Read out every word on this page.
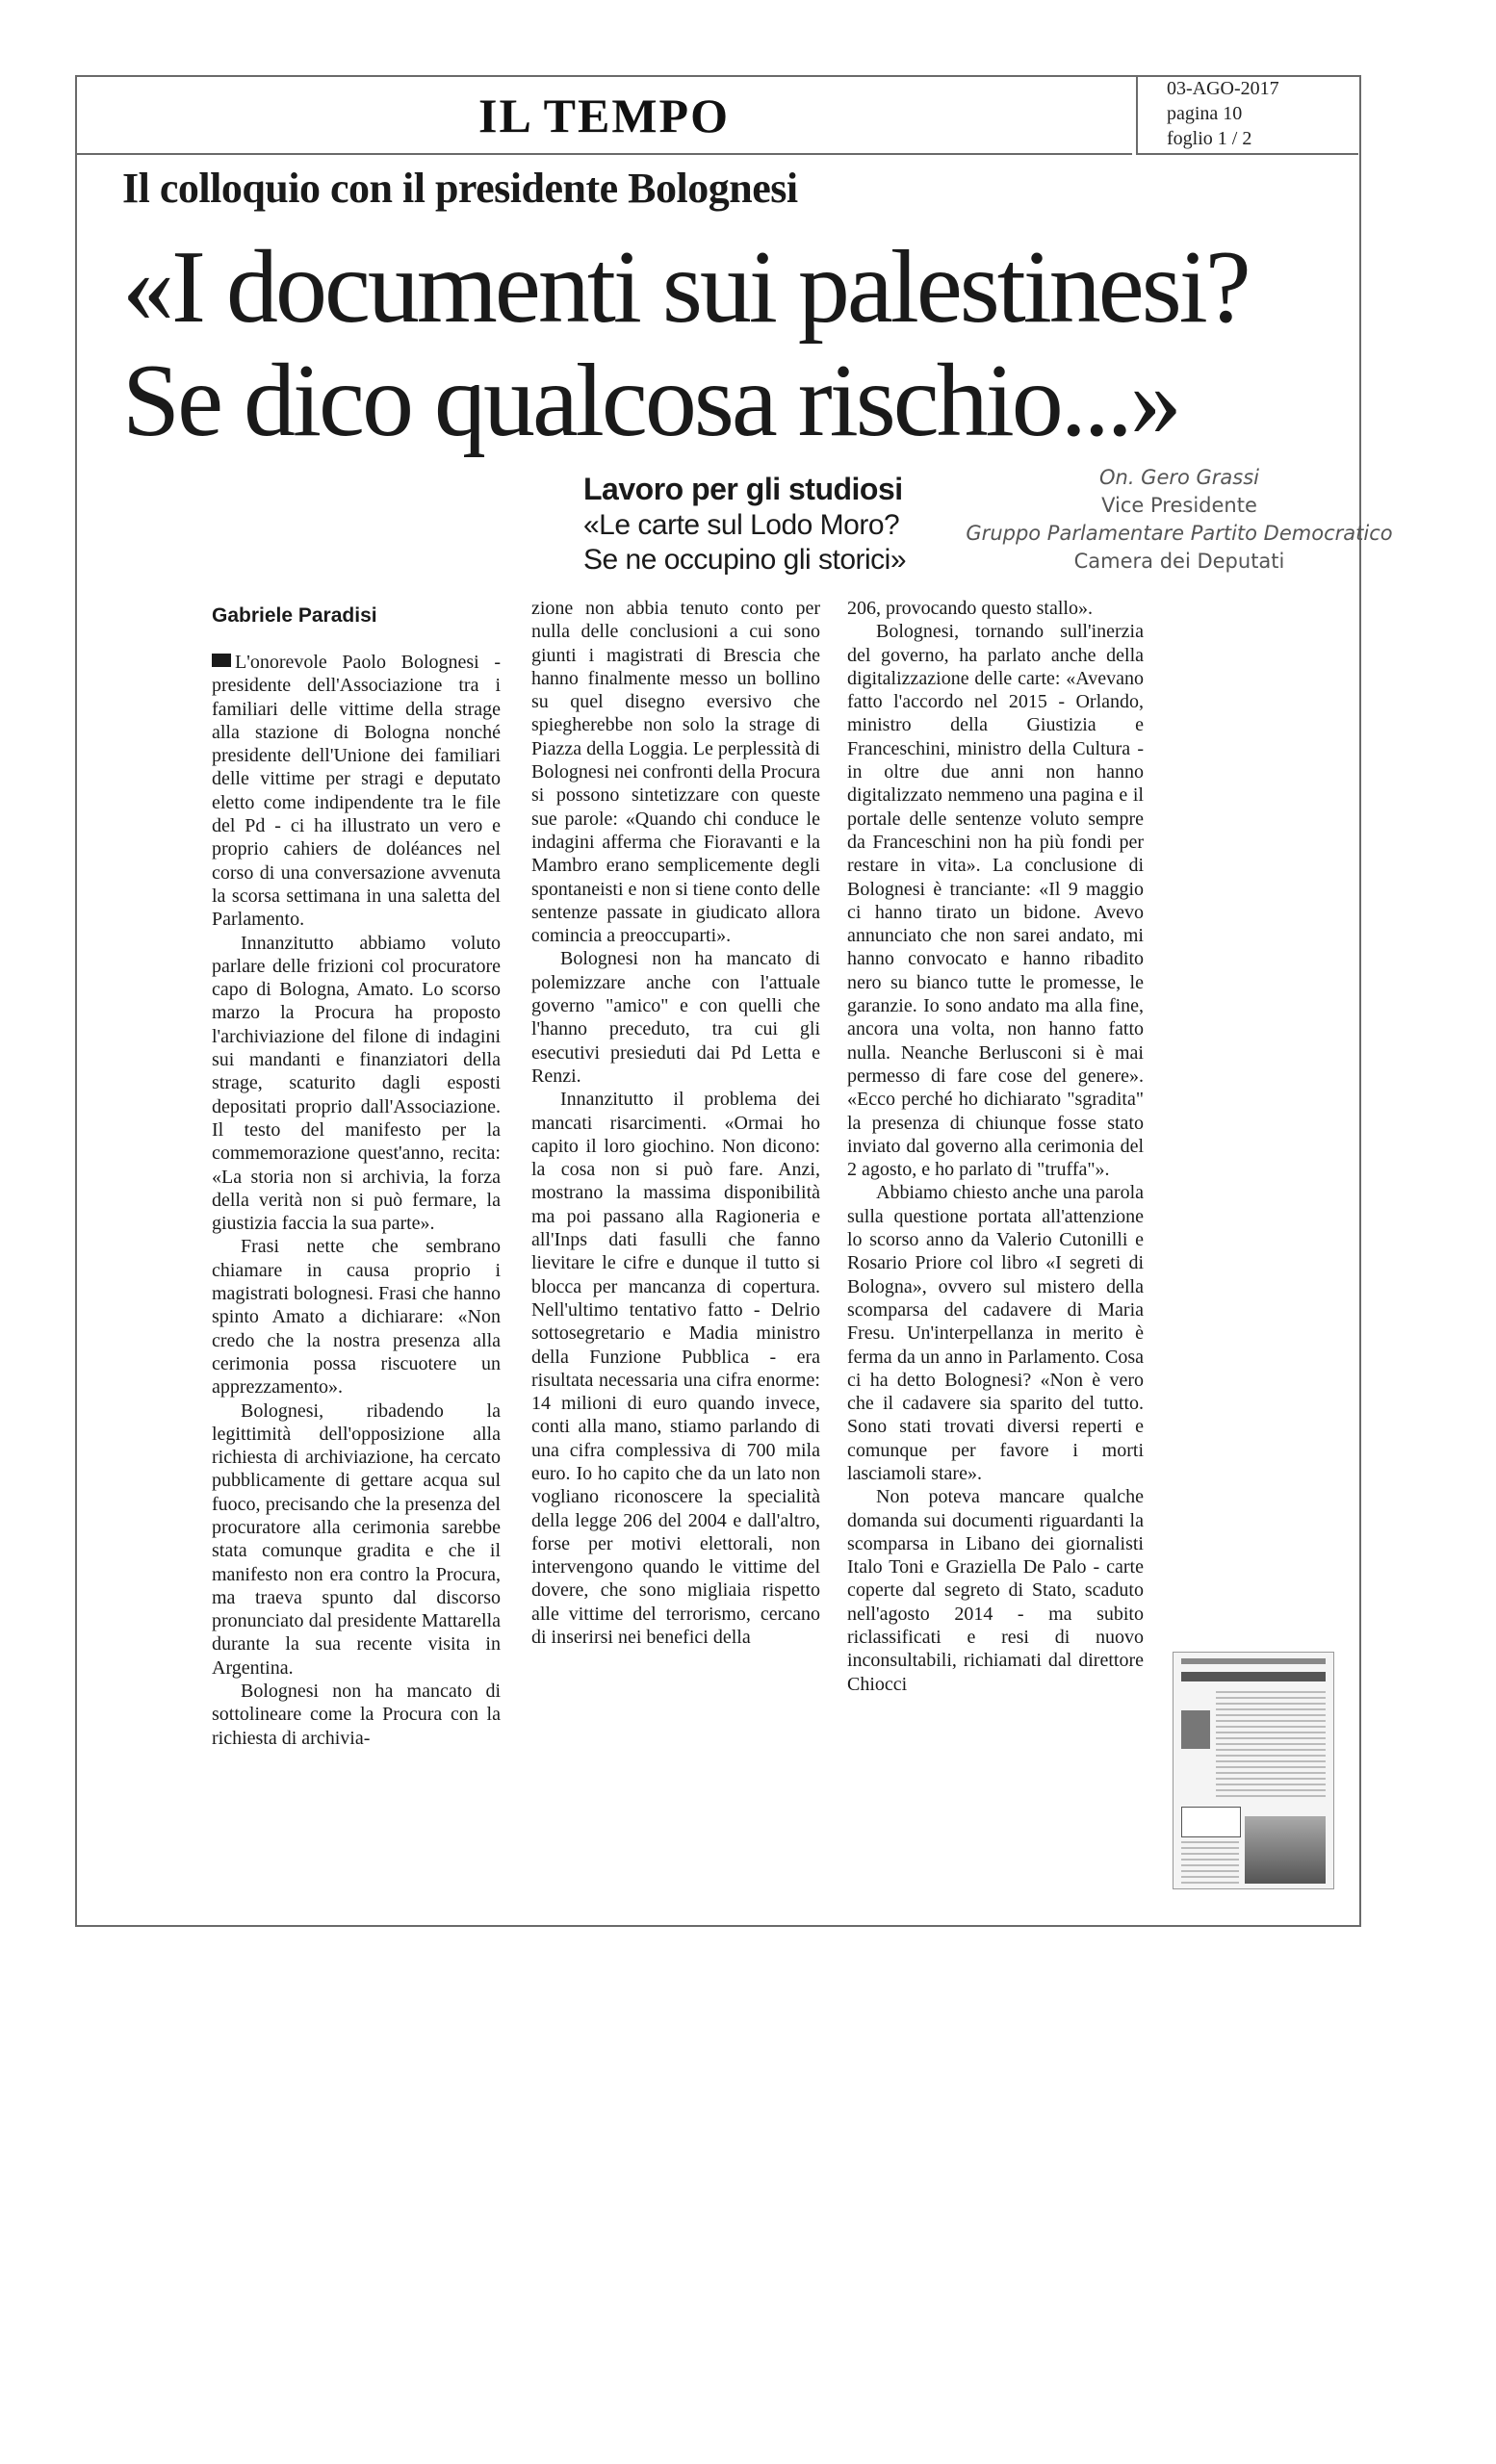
IL TEMPO	03-AGO-2017
pagina 10
foglio 1 / 2
Il colloquio con il presidente Bolognesi
«I documenti sui palestinesi?
Se dico qualcosa rischio...»
Lavoro per gli studiosi
«Le carte sul Lodo Moro?
Se ne occupino gli storici»
On. Gero Grassi
Vice Presidente
Gruppo Parlamentare Partito Democratico
Camera dei Deputati
Gabriele Paradisi

L'onorevole Paolo Bolognesi - presidente dell'Associazione tra i familiari delle vittime della strage alla stazione di Bologna nonché presidente dell'Unione dei familiari delle vittime per stragi e deputato eletto come indipendente tra le file del Pd - ci ha illustrato un vero e proprio cahiers de doléances nel corso di una conversazione avvenuta la scorsa settimana in una saletta del Parlamento.

Innanzitutto abbiamo voluto parlare delle frizioni col procuratore capo di Bologna, Amato. Lo scorso marzo la Procura ha proposto l'archiviazione del filone di indagini sui mandanti e finanziatori della strage, scaturito dagli esposti depositati proprio dall'Associazione. Il testo del manifesto per la commemorazione quest'anno, recita: «La storia non si archivia, la forza della verità non si può fermare, la giustizia faccia la sua parte».

Frasi nette che sembrano chiamare in causa proprio i magistrati bolognesi. Frasi che hanno spinto Amato a dichiarare: «Non credo che la nostra presenza alla cerimonia possa riscuotere un apprezzamento».

Bolognesi, ribadendo la legittimità dell'opposizione alla richiesta di archiviazione, ha cercato pubblicamente di gettare acqua sul fuoco, precisando che la presenza del procuratore alla cerimonia sarebbe stata comunque gradita e che il manifesto non era contro la Procura, ma traeva spunto dal discorso pronunciato dal presidente Mattarella durante la sua recente visita in Argentina.

Bolognesi non ha mancato di sottolineare come la Procura con la richiesta di archivia-

zione non abbia tenuto conto per nulla delle conclusioni a cui sono giunti i magistrati di Brescia che hanno finalmente messo un bollino su quel disegno eversivo che spiegherebbe non solo la strage di Piazza della Loggia. Le perplessità di Bolognesi nei confronti della Procura si possono sintetizzare con queste sue parole: «Quando chi conduce le indagini afferma che Fioravanti e la Mambro erano semplicemente degli spontaneisti e non si tiene conto delle sentenze passate in giudicato allora comincia a preoccuparti».

Bolognesi non ha mancato di polemizzare anche con l'attuale governo "amico" e con quelli che l'hanno preceduto, tra cui gli esecutivi presieduti dai Pd Letta e Renzi.

Innanzitutto il problema dei mancati risarcimenti. «Ormai ho capito il loro giochino. Non dicono: la cosa non si può fare. Anzi, mostrano la massima disponibilità ma poi passano alla Ragioneria e all'Inps dati fasulli che fanno lievitare le cifre e dunque il tutto si blocca per mancanza di copertura. Nell'ultimo tentativo fatto - Delrio sottosegretario e Madia ministro della Funzione Pubblica - era risultata necessaria una cifra enorme: 14 milioni di euro quando invece, conti alla mano, stiamo parlando di una cifra complessiva di 700 mila euro. Io ho capito che da un lato non vogliano riconoscere la specialità della legge 206 del 2004 e dall'altro, forse per motivi elettorali, non intervengono quando le vittime del dovere, che sono migliaia rispetto alle vittime del terrorismo, cercano di inserirsi nei benefici della

206, provocando questo stallo».

Bolognesi, tornando sull'inerzia del governo, ha parlato anche della digitalizzazione delle carte: «Avevano fatto l'accordo nel 2015 - Orlando, ministro della Giustizia e Franceschini, ministro della Cultura - in oltre due anni non hanno digitalizzato nemmeno una pagina e il portale delle sentenze voluto sempre da Franceschini non ha più fondi per restare in vita». La conclusione di Bolognesi è tranciante: «Il 9 maggio ci hanno tirato un bidone. Avevo annunciato che non sarei andato, mi hanno convocato e hanno ribadito nero su bianco tutte le promesse, le garanzie. Io sono andato ma alla fine, ancora una volta, non hanno fatto nulla. Neanche Berlusconi si è mai permesso di fare cose del genere». «Ecco perché ho dichiarato "sgradita" la presenza di chiunque fosse stato inviato dal governo alla cerimonia del 2 agosto, e ho parlato di "truffa"».

Abbiamo chiesto anche una parola sulla questione portata all'attenzione lo scorso anno da Valerio Cutonilli e Rosario Priore col libro «I segreti di Bologna», ovvero sul mistero della scomparsa del cadavere di Maria Fresu. Un'interpellanza in merito è ferma da un anno in Parlamento. Cosa ci ha detto Bolognesi? «Non è vero che il cadavere sia sparito del tutto. Sono stati trovati diversi reperti e comunque per favore i morti lasciamoli stare».

Non poteva mancare qualche domanda sui documenti riguardanti la scomparsa in Libano dei giornalisti Italo Toni e Graziella De Palo - carte coperte dal segreto di Stato, scaduto nell'agosto 2014 - ma subito riclassificati e resi di nuovo inconsultabili, richiamati dal direttore Chiocci
